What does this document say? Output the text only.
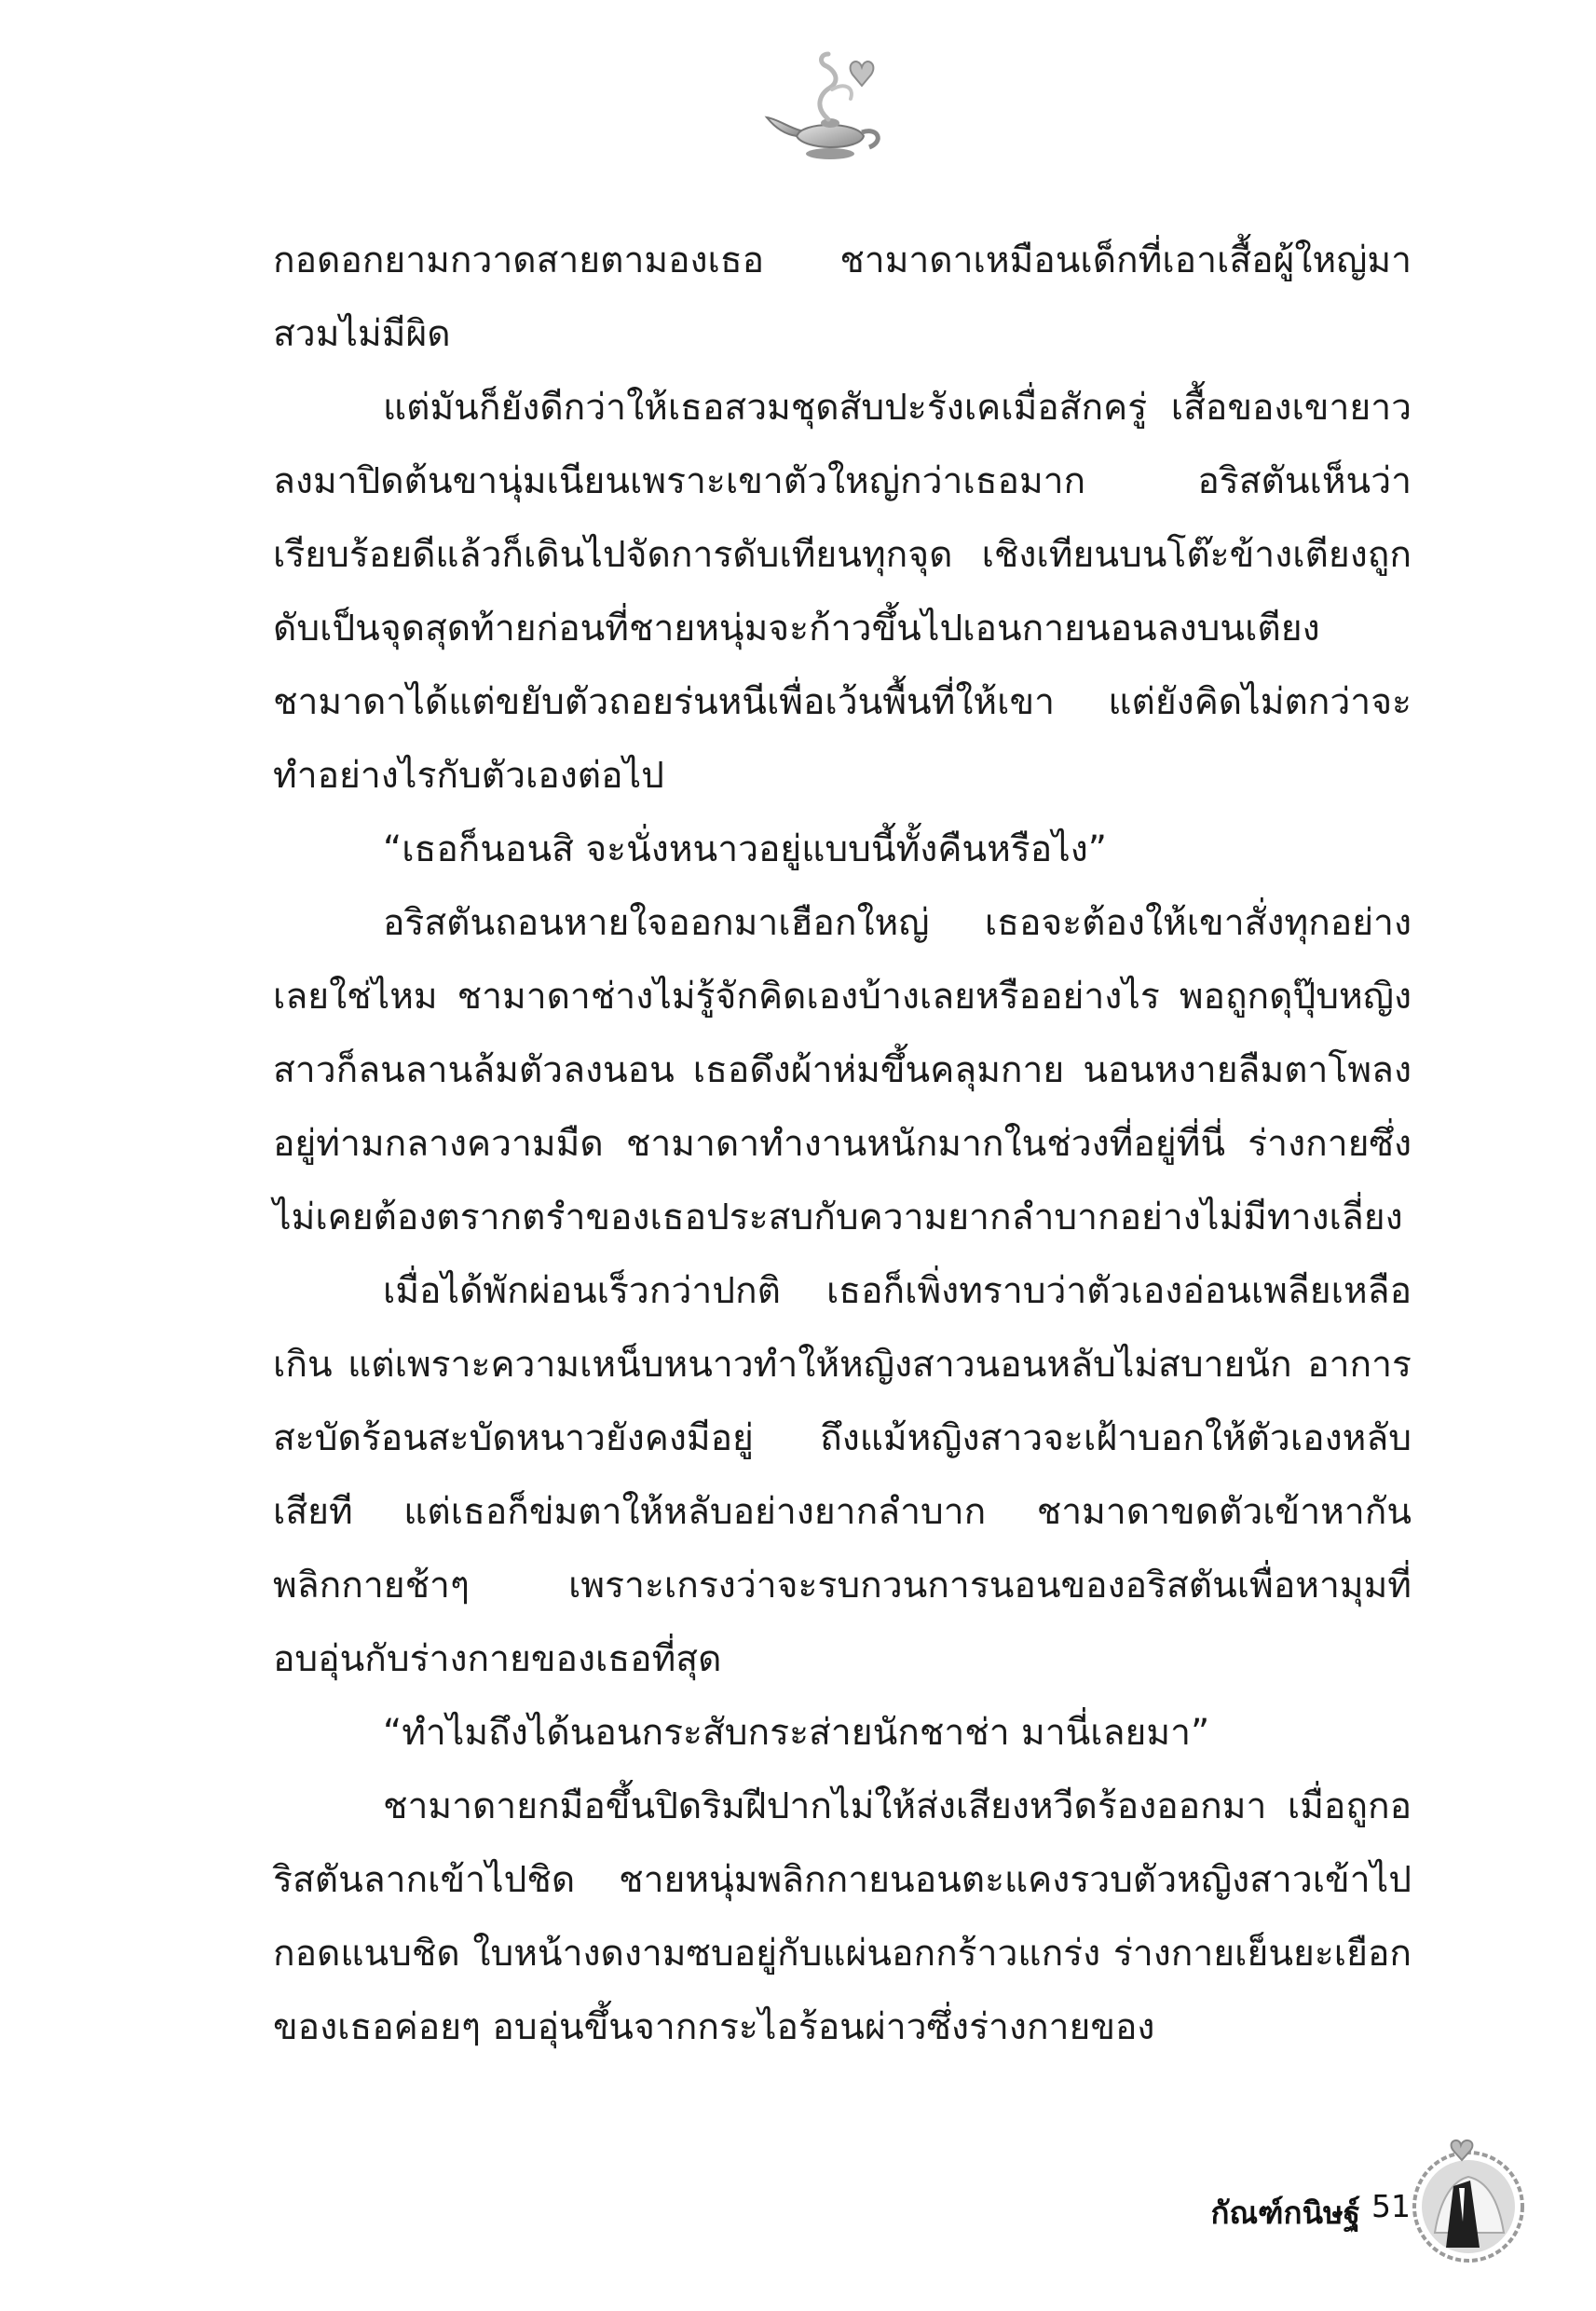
กอดอกยามกวาดสายตามองเธอ ชามาดาเหมือนเด็กที่เอาเสื้อผู้ใหญ่มาสวมไม่มีผิด

แต่มันก็ยังดีกว่าให้เธอสวมชุดสับปะรังเคเมื่อสักครู่ เสื้อของเขายาวลงมาปิดต้นขานุ่มเนียนเพราะเขาตัวใหญ่กว่าเธอมาก อริสตันเห็นว่าเรียบร้อยดีแล้วก็เดินไปจัดการดับเทียนทุกจุด เชิงเทียนบนโต๊ะข้างเตียงถูกดับเป็นจุดสุดท้ายก่อนที่ชายหนุ่มจะก้าวขึ้นไปเอนกายนอนลงบนเตียง ชามาดาได้แต่ขยับตัวถอยร่นหนีเพื่อเว้นพื้นที่ให้เขา แต่ยังคิดไม่ตกว่าจะทำอย่างไรกับตัวเองต่อไป

“เธอก็นอนสิ จะนั่งหนาวอยู่แบบนี้ทั้งคืนหรือไง”

อริสตันถอนหายใจออกมาเฮือกใหญ่ เธอจะต้องให้เขาสั่งทุกอย่างเลยใช่ไหม ชามาดาช่างไม่รู้จักคิดเองบ้างเลยหรืออย่างไร พอถูกดุปุ๊บหญิงสาวก็ลนลานล้มตัวลงนอน เธอดึงผ้าห่มขึ้นคลุมกาย นอนหงายลืมตาโพลงอยู่ท่ามกลางความมืด ชามาดาทำงานหนักมากในช่วงที่อยู่ที่นี่ ร่างกายซึ่งไม่เคยต้องตรากตรำของเธอประสบกับความยากลำบากอย่างไม่มีทางเลี่ยง

เมื่อได้พักผ่อนเร็วกว่าปกติ เธอก็เพิ่งทราบว่าตัวเองอ่อนเพลียเหลือเกิน แต่เพราะความเหน็บหนาวทำให้หญิงสาวนอนหลับไม่สบายนัก อาการสะบัดร้อนสะบัดหนาวยังคงมีอยู่ ถึงแม้หญิงสาวจะเฝ้าบอกให้ตัวเองหลับเสียที แต่เธอก็ข่มตาให้หลับอย่างยากลำบาก ชามาดาขดตัวเข้าหากัน พลิกกายช้าๆ เพราะเกรงว่าจะรบกวนการนอนของอริสตันเพื่อหามุมที่อบอุ่นกับร่างกายของเธอที่สุด

“ทำไมถึงได้นอนกระสับกระส่ายนักชาช่า มานี่เลยมา”

ชามาดายกมือขึ้นปิดริมฝีปากไม่ให้ส่งเสียงหวีดร้องออกมา เมื่อถูกอริสตันลากเข้าไปชิด ชายหนุ่มพลิกกายนอนตะแคงรวบตัวหญิงสาวเข้าไปกอดแนบชิด ใบหน้างดงามซบอยู่กับแผ่นอกกร้าวแกร่ง ร่างกายเย็นยะเยือกของเธอค่อยๆ อบอุ่นขึ้นจากกระไอร้อนผ่าวซึ่งร่างกายของ

กัณฑ์กนิษฐ์ 51
